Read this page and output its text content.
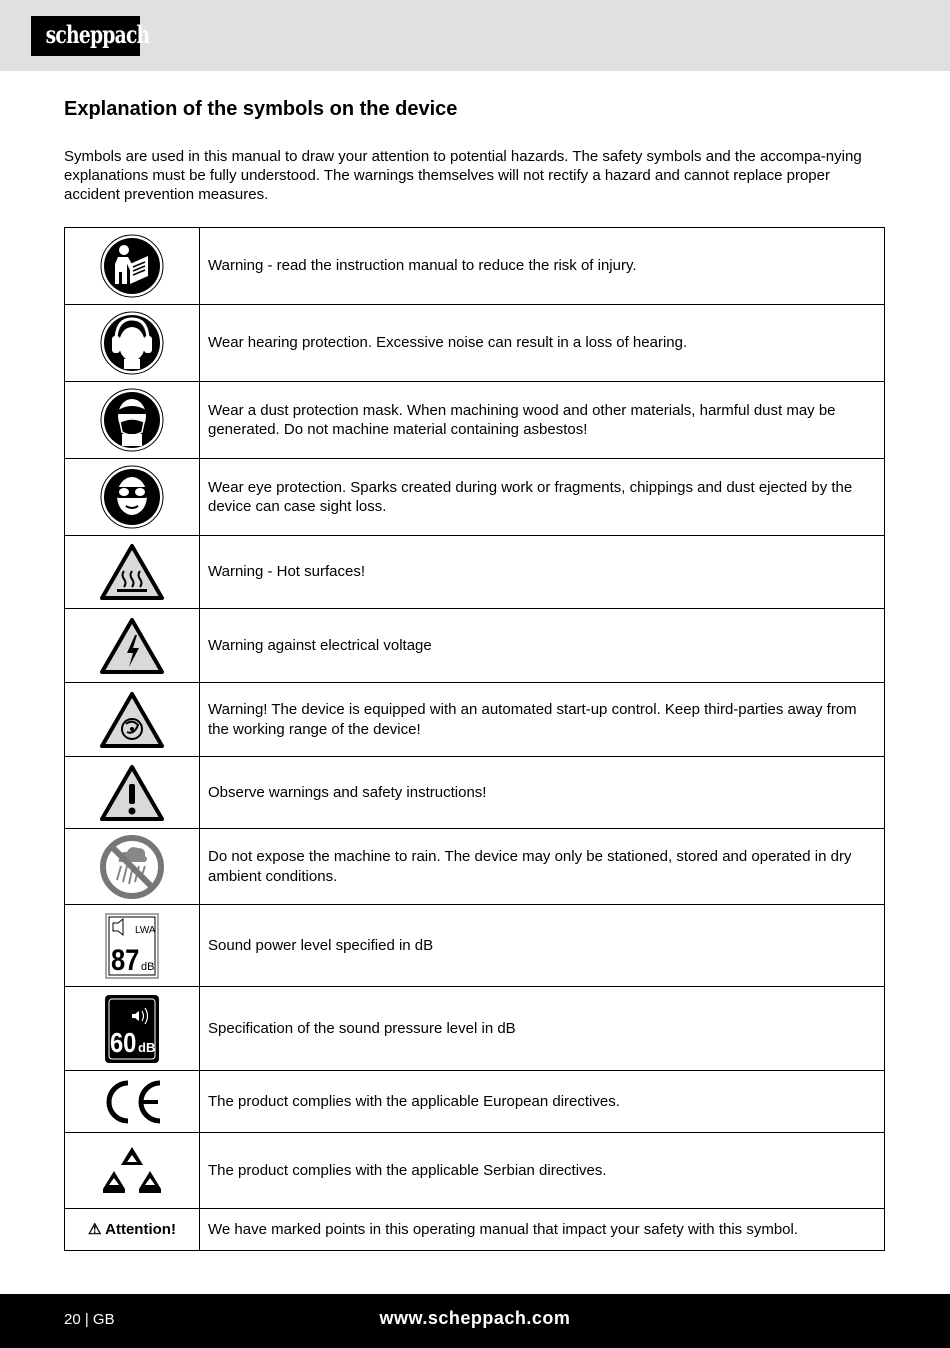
scheppach
Explanation of the symbols on the device

Symbols are used in this manual to draw your attention to potential hazards. The safety symbols and the accompa-nying explanations must be fully understood. The warnings themselves will not rectify a hazard and cannot replace proper accident prevention measures.

	Warning - read the instruction manual to reduce the risk of injury.

	Wear hearing protection. Excessive noise can result in a loss of hearing.

	Wear a dust protection mask. When machining wood and other materials, harmful dust may be generated. Do not machine material containing asbestos!

	Wear eye protection. Sparks created during work or fragments, chippings and dust ejected by the device can case sight loss.

	Warning - Hot surfaces!

	Warning against electrical voltage

	Warning! The device is equipped with an automated start-up control. Keep third-parties away from the working range of the device!

	Observe warnings and safety instructions!

	Do not expose the machine to rain. The device may only be stationed, stored and operated in dry ambient conditions.

LWA
87 dB	Sound power level specified in dB

60 dB	Specification of the sound pressure level in dB

	The product complies with the applicable European directives.

	The product complies with the applicable Serbian directives.
⚠ Attention!	We have marked points in this operating manual that impact your safety with this symbol.
20 | GB	www.scheppach.com
